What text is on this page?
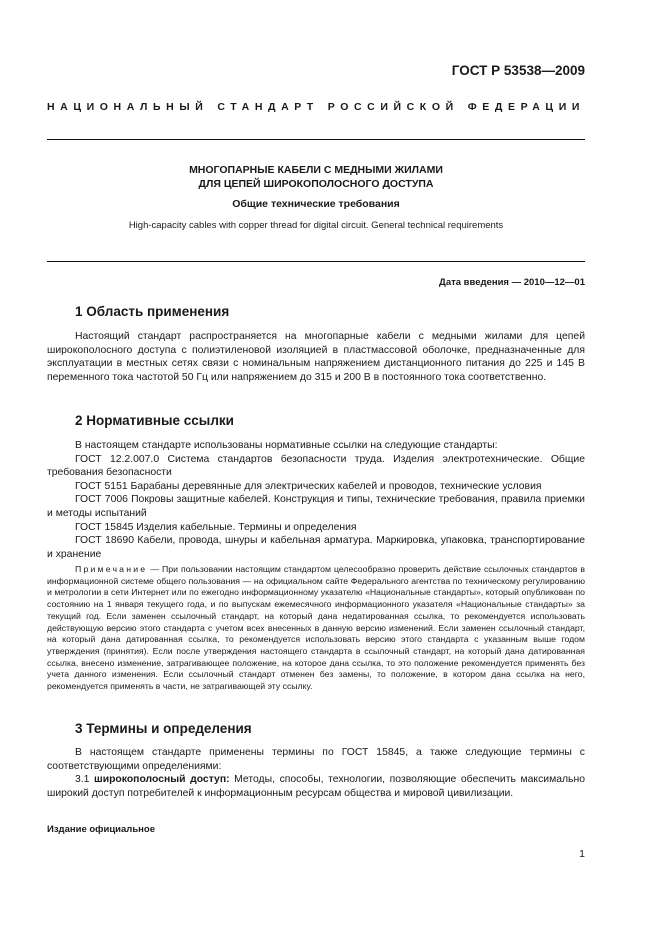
ГОСТ Р 53538—2009
НАЦИОНАЛЬНЫЙ СТАНДАРТ РОССИЙСКОЙ ФЕДЕРАЦИИ
МНОГОПАРНЫЕ КАБЕЛИ С МЕДНЫМИ ЖИЛАМИ
ДЛЯ ЦЕПЕЙ ШИРОКОПОЛОСНОГО ДОСТУПА
Общие технические требования
High-capacity cables with copper thread for digital circuit. General technical requirements
Дата введения — 2010—12—01
1 Область применения

Настоящий стандарт распространяется на многопарные кабели с медными жилами для цепей широкополосного доступа с полиэтиленовой изоляцией в пластмассовой оболочке, предназначенные для эксплуатации в местных сетях связи с номинальным напряжением дистанционного питания до 225 и 145 В переменного тока частотой 50 Гц или напряжением до 315 и 200 В в постоянного тока соответственно.

2 Нормативные ссылки

В настоящем стандарте использованы нормативные ссылки на следующие стандарты:

ГОСТ 12.2.007.0 Система стандартов безопасности труда. Изделия электротехнические. Общие требования безопасности

ГОСТ 5151 Барабаны деревянные для электрических кабелей и проводов, технические условия

ГОСТ 7006 Покровы защитные кабелей. Конструкция и типы, технические требования, правила приемки и методы испытаний

ГОСТ 15845 Изделия кабельные. Термины и определения

ГОСТ 18690 Кабели, провода, шнуры и кабельная арматура. Маркировка, упаковка, транспортирование и хранение

Примечание — При пользовании настоящим стандартом целесообразно проверить действие ссылочных стандартов в информационной системе общего пользования — на официальном сайте Федерального агентства по техническому регулированию и метрологии в сети Интернет или по ежегодно информационному указателю «Национальные стандарты», который опубликован по состоянию на 1 января текущего года, и по выпускам ежемесячного информационного указателя «Национальные стандарты» за текущий год. Если заменен ссылочный стандарт, на который дана недатированная ссылка, то рекомендуется использовать действующую версию этого стандарта с учетом всех внесенных в данную версию изменений. Если заменен ссылочный стандарт, на который дана датированная ссылка, то рекомендуется использовать версию этого стандарта с указанным выше годом утверждения (принятия). Если после утверждения настоящего стандарта в ссылочный стандарт, на который дана датированная ссылка, внесено изменение, затрагивающее положение, на которое дана ссылка, то это положение рекомендуется применять без учета данного изменения. Если ссылочный стандарт отменен без замены, то положение, в котором дана ссылка на него, рекомендуется применять в части, не затрагивающей эту ссылку.

3 Термины и определения

В настоящем стандарте применены термины по ГОСТ 15845, а также следующие термины с соответствующими определениями:

3.1 широкополосный доступ: Методы, способы, технологии, позволяющие обеспечить максимально широкий доступ потребителей к информационным ресурсам общества и мировой цивилизации.

Издание официальное
1
